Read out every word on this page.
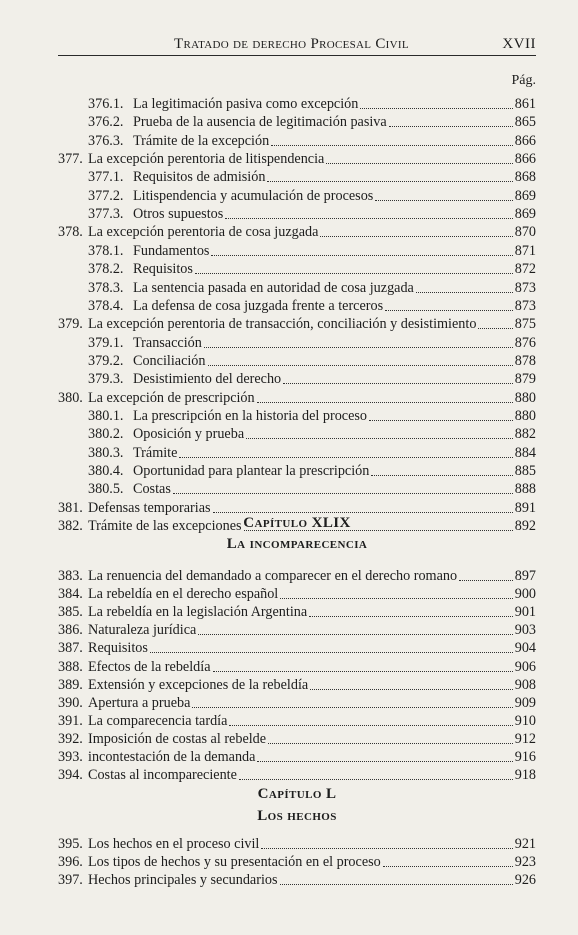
Tratado de derecho Procesal Civil	XVII
Pág.
376.1. La legitimación pasiva como excepción	861
376.2. Prueba de la ausencia de legitimación pasiva	865
376.3. Trámite de la excepción	866
377. La excepción perentoria de litispendencia	866
377.1. Requisitos de admisión	868
377.2. Litispendencia y acumulación de procesos	869
377.3. Otros supuestos	869
378. La excepción perentoria de cosa juzgada	870
378.1. Fundamentos	871
378.2. Requisitos	872
378.3. La sentencia pasada en autoridad de cosa juzgada	873
378.4. La defensa de cosa juzgada frente a terceros	873
379. La excepción perentoria de transacción, conciliación y desistimiento	875
379.1. Transacción	876
379.2. Conciliación	878
379.3. Desistimiento del derecho	879
380. La excepción de prescripción	880
380.1. La prescripción en la historia del proceso	880
380.2. Oposición y prueba	882
380.3. Trámite	884
380.4. Oportunidad para plantear la prescripción	885
380.5. Costas	888
381. Defensas temporarias	891
382. Trámite de las excepciones	892
Capítulo XLIX
La incomparecencia
383. La renuencia del demandado a comparecer en el derecho romano	897
384. La rebeldía en el derecho español	900
385. La rebeldía en la legislación Argentina	901
386. Naturaleza jurídica	903
387. Requisitos	904
388. Efectos de la rebeldía	906
389. Extensión y excepciones de la rebeldía	908
390. Apertura a prueba	909
391. La comparecencia tardía	910
392. Imposición de costas al rebelde	912
393. incontestación de la demanda	916
394. Costas al incompareciente	918
Capítulo L
Los hechos
395. Los hechos en el proceso civil	921
396. Los tipos de hechos y su presentación en el proceso	923
397. Hechos principales y secundarios	926
